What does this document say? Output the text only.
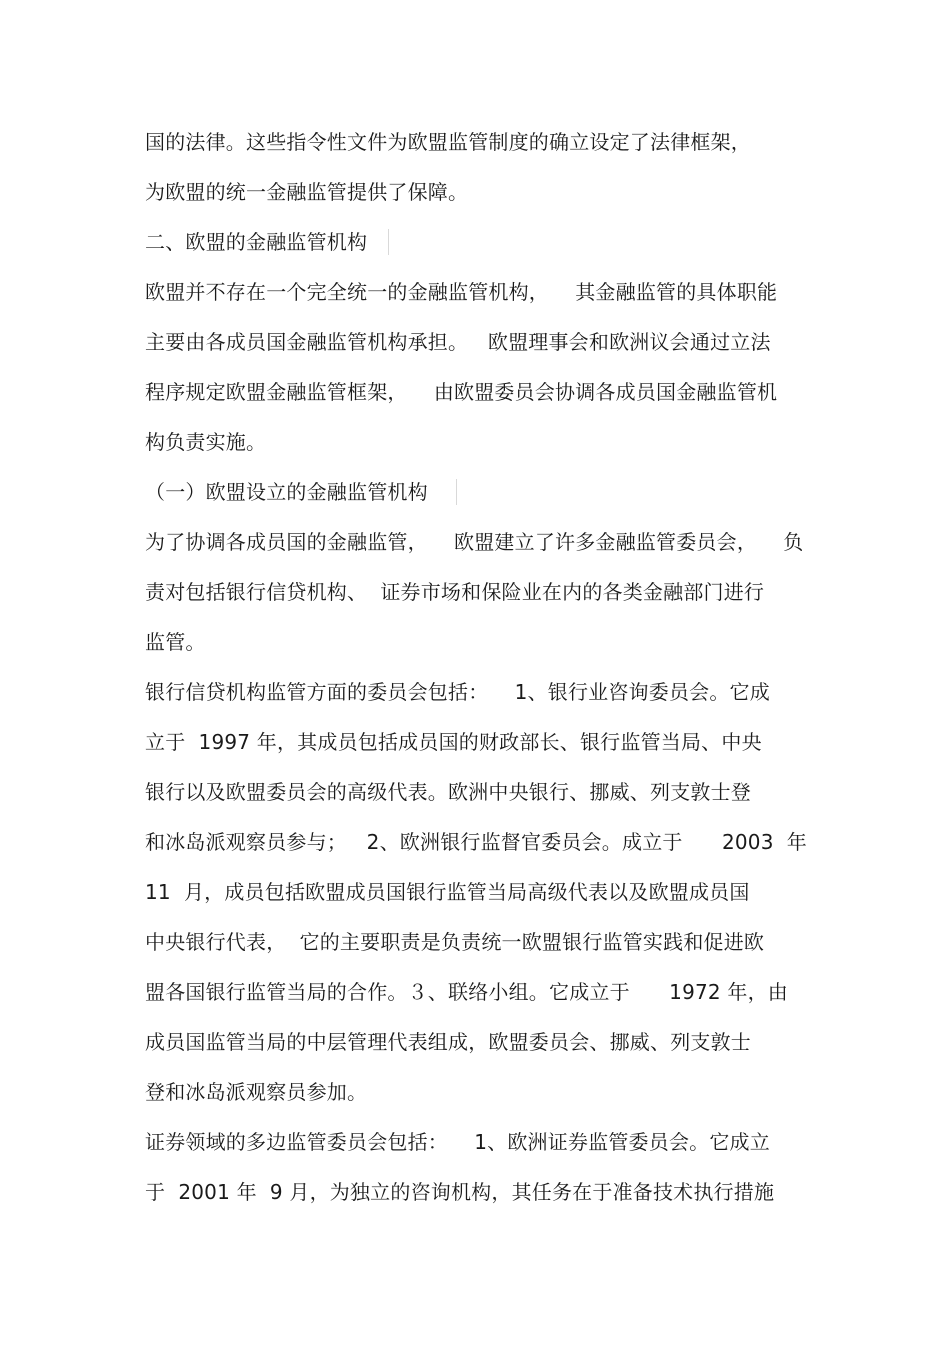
国的法律。这些指令性文件为欧盟监管制度的确立设定了法律框架，
为欧盟的统一金融监管提供了保障。
二、欧盟的金融监管机构
欧盟并不存在一个完全统一的金融监管机构，    其金融监管的具体职能
主要由各成员国金融监管机构承担。   欧盟理事会和欧洲议会通过立法
程序规定欧盟金融监管框架，    由欧盟委员会协调各成员国金融监管机
构负责实施。
（一）欧盟设立的金融监管机构
为了协调各成员国的金融监管，    欧盟建立了许多金融监管委员会，    负
责对包括银行信贷机构、  证券市场和保险业在内的各类金融部门进行
监管。
银行信贷机构监管方面的委员会包括：    1、银行业咨询委员会。它成
立于  1997 年，其成员包括成员国的财政部长、银行监管当局、中央
银行以及欧盟委员会的高级代表。欧洲中央银行、挪威、列支敦士登
和冰岛派观察员参与；   2、欧洲银行监督官委员会。成立于      2003  年
11  月，成员包括欧盟成员国银行监管当局高级代表以及欧盟成员国
中央银行代表，  它的主要职责是负责统一欧盟银行监管实践和促进欧
盟各国银行监管当局的合作。３、联络小组。它成立于      1972 年，由
成员国监管当局的中层管理代表组成，欧盟委员会、挪威、列支敦士
登和冰岛派观察员参加。
证券领域的多边监管委员会包括：    1、欧洲证券监管委员会。它成立
于  2001 年  9 月，为独立的咨询机构，其任务在于准备技术执行措施
